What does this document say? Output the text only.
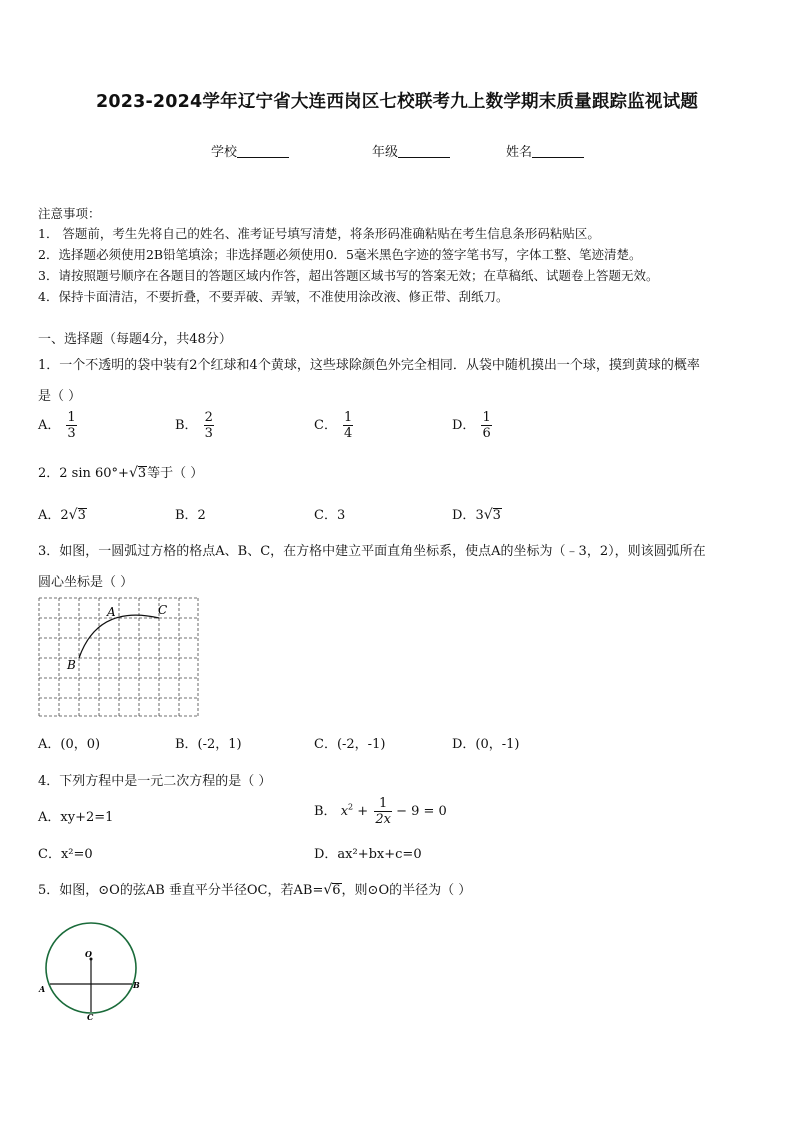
2023-2024学年辽宁省大连西岗区七校联考九上数学期末质量跟踪监视试题
学校	年级	姓名
注意事项：
1． 答题前，考生先将自己的姓名、准考证号填写清楚，将条形码准确粘贴在考生信息条形码粘贴区。
2．选择题必须使用2B铅笔填涂；非选择题必须使用0．5毫米黑色字迹的签字笔书写，字体工整、笔迹清楚。
3．请按照题号顺序在各题目的答题区域内作答，超出答题区域书写的答案无效；在草稿纸、试题卷上答题无效。
4．保持卡面清洁，不要折叠，不要弄破、弄皱，不准使用涂改液、修正带、刮纸刀。
一、选择题（每题4分，共48分）
1．一个不透明的袋中装有2个红球和4个黄球，这些球除颜色外完全相同．从袋中随机摸出一个球，摸到黄球的概率
是（ ）
A． $\frac{1}{3}$	B． $\frac{2}{3}$	C． $\frac{1}{4}$	D． $\frac{1}{6}$
2．2 sin 60°+√3等于（ ）
A．2√3	B．2	C．3	D．3√3
3．如图，一圆弧过方格的格点A、B、C，在方格中建立平面直角坐标系，使点A的坐标为（﹣3，2），则该圆弧所在
圆心坐标是（ ）
A	C
B
A．(0，0)	B．(-2，1)	C．(-2，-1)	D．(0，-1)
4．下列方程中是一元二次方程的是（ ）
A．xy+2=1	B． $x^2 + \frac{1}{2x} - 9 = 0$
C．x²=0	D．ax²+bx+c=0
5．如图，⊙O的弦AB 垂直平分半径OC，若AB=√6，则⊙O的半径为（ ）
O
A	B
C
